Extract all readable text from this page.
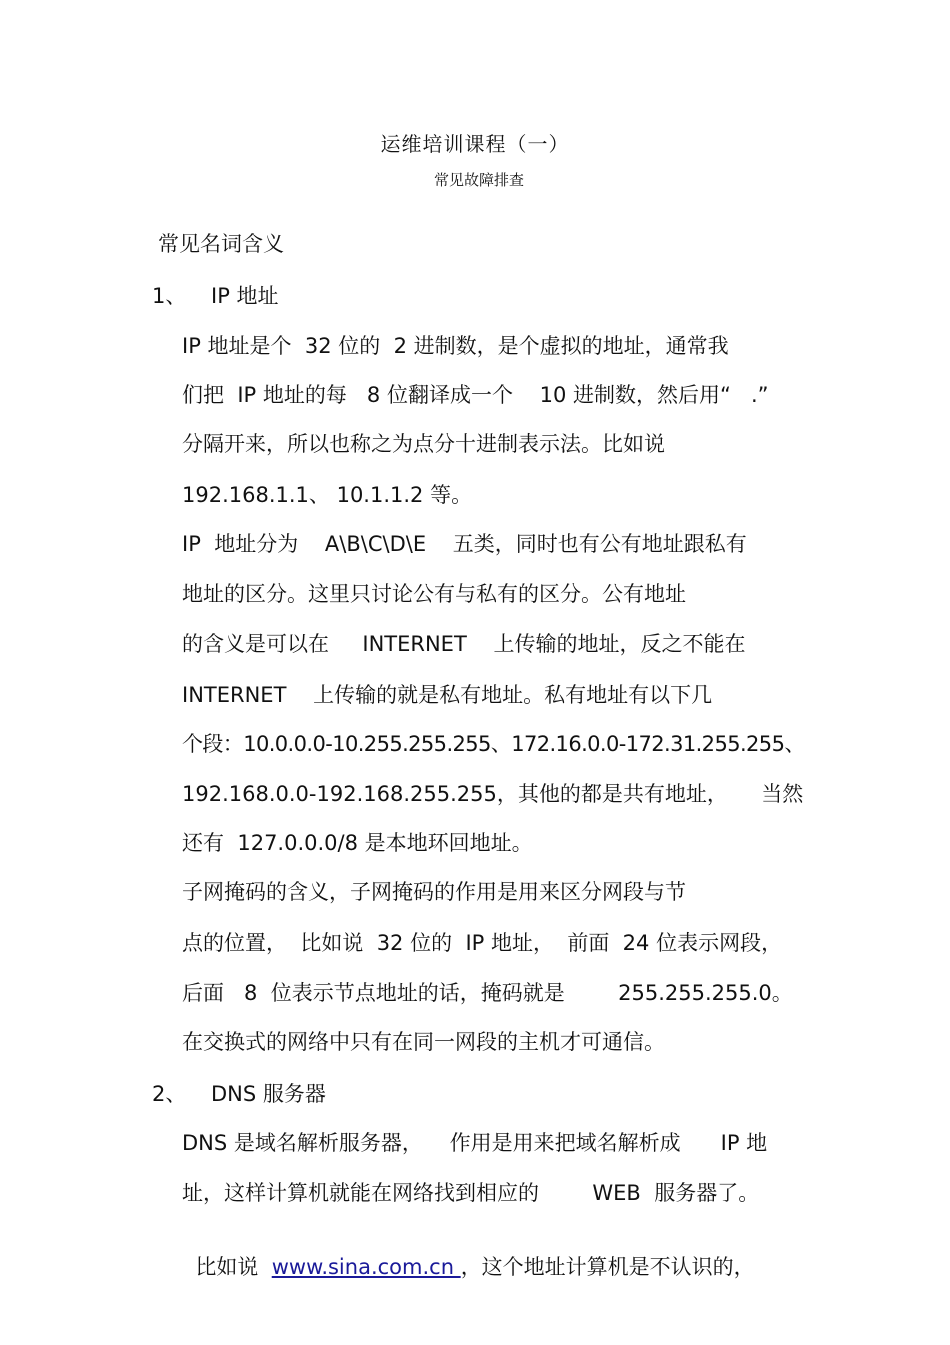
运维培训课程（一）
常见故障排查
常见名词含义
1、 IP 地址
IP 地址是个  32 位的  2 进制数，是个虚拟的地址，通常我
们把  IP 地址的每   8 位翻译成一个    10 进制数，然后用“   .”
分隔开来，所以也称之为点分十进制表示法。比如说
192.168.1.1、 10.1.1.2 等。
IP  地址分为    A\B\C\D\E    五类，同时也有公有地址跟私有
地址的区分。这里只讨论公有与私有的区分。公有地址
的含义是可以在     INTERNET    上传输的地址，反之不能在
INTERNET    上传输的就是私有地址。私有地址有以下几
个段：10.0.0.0-10.255.255.255、172.16.0.0-172.31.255.255、
192.168.0.0-192.168.255.255，其他的都是共有地址，     当然
还有  127.0.0.0/8 是本地环回地址。
子网掩码的含义，子网掩码的作用是用来区分网段与节
点的位置，  比如说  32 位的  IP 地址，  前面  24 位表示网段，
后面   8  位表示节点地址的话，掩码就是        255.255.255.0。
在交换式的网络中只有在同一网段的主机才可通信。
2、 DNS 服务器
DNS 是域名解析服务器，    作用是用来把域名解析成      IP 地
址，这样计算机就能在网络找到相应的        WEB  服务器了。

比如说  www.sina.com.cn ，这个地址计算机是不认识的，
